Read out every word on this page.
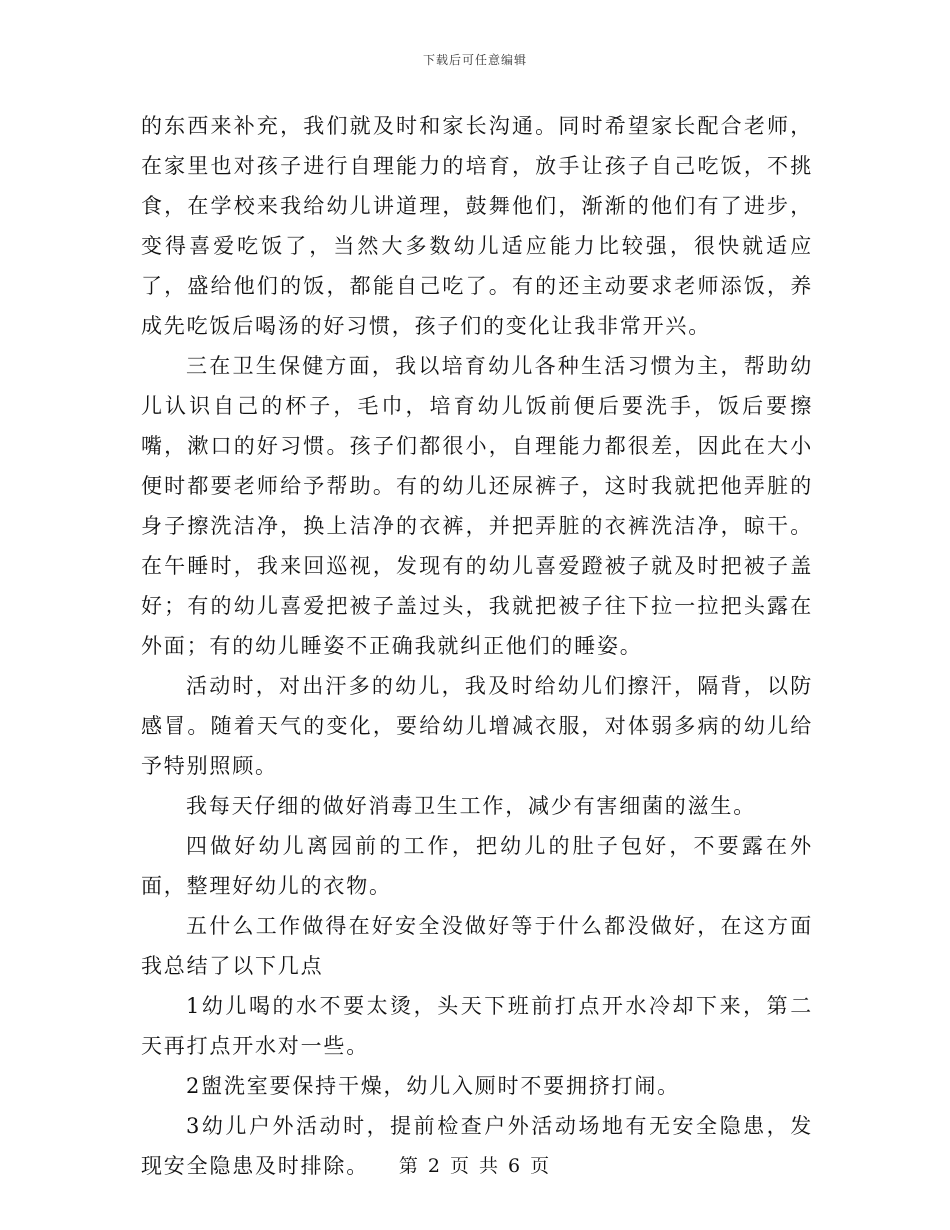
下载后可任意编辑

的东西来补充，我们就及时和家长沟通。同时希望家长配合老师，在家里也对孩子进行自理能力的培育，放手让孩子自己吃饭，不挑食，在学校来我给幼儿讲道理，鼓舞他们，渐渐的他们有了进步，变得喜爱吃饭了，当然大多数幼儿适应能力比较强，很快就适应了，盛给他们的饭，都能自己吃了。有的还主动要求老师添饭，养成先吃饭后喝汤的好习惯，孩子们的变化让我非常开兴。

三在卫生保健方面，我以培育幼儿各种生活习惯为主，帮助幼儿认识自己的杯子，毛巾，培育幼儿饭前便后要洗手，饭后要擦嘴，漱口的好习惯。孩子们都很小，自理能力都很差，因此在大小便时都要老师给予帮助。有的幼儿还尿裤子，这时我就把他弄脏的身子擦洗洁净，换上洁净的衣裤，并把弄脏的衣裤洗洁净，晾干。在午睡时，我来回巡视，发现有的幼儿喜爱蹬被子就及时把被子盖好；有的幼儿喜爱把被子盖过头，我就把被子往下拉一拉把头露在外面；有的幼儿睡姿不正确我就纠正他们的睡姿。

活动时，对出汗多的幼儿，我及时给幼儿们擦汗，隔背，以防感冒。随着天气的变化，要给幼儿增减衣服，对体弱多病的幼儿给予特别照顾。

我每天仔细的做好消毒卫生工作，减少有害细菌的滋生。

四做好幼儿离园前的工作，把幼儿的肚子包好，不要露在外面，整理好幼儿的衣物。

五什么工作做得在好安全没做好等于什么都没做好，在这方面我总结了以下几点

1幼儿喝的水不要太烫，头天下班前打点开水冷却下来，第二天再打点开水对一些。

2盥洗室要保持干燥，幼儿入厕时不要拥挤打闹。

3幼儿户外活动时，提前检查户外活动场地有无安全隐患，发现安全隐患及时排除。	第 2 页 共 6 页
